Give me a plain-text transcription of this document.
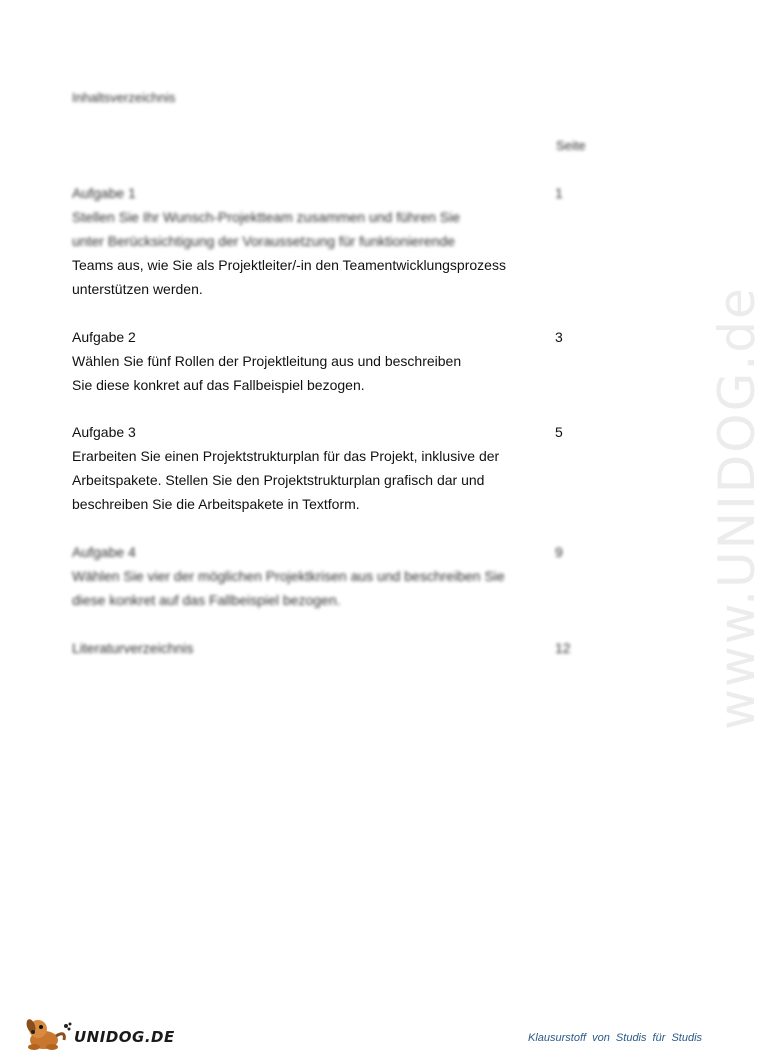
www.UNIDOG.de
Inhaltsverzeichnis
Seite
Aufgabe 1
Stellen Sie Ihr Wunsch-Projektteam zusammen und führen Sie
unter Berücksichtigung der Voraussetzung für funktionierende
Teams aus, wie Sie als Projektleiter/-in den Teamentwicklungsprozess
unterstützen werden.
1
Aufgabe 2
Wählen Sie fünf Rollen der Projektleitung aus und beschreiben
Sie diese konkret auf das Fallbeispiel bezogen.
3
Aufgabe 3
Erarbeiten Sie einen Projektstrukturplan für das Projekt, inklusive der
Arbeitspakete. Stellen Sie den Projektstrukturplan grafisch dar und
beschreiben Sie die Arbeitspakete in Textform.
5
Aufgabe 4
Wählen Sie vier der möglichen Projektkrisen aus und beschreiben Sie
diese konkret auf das Fallbeispiel bezogen.
9
Literaturverzeichnis	12
UNIDOG.DE	Klausurstoff von Studis für Studis
